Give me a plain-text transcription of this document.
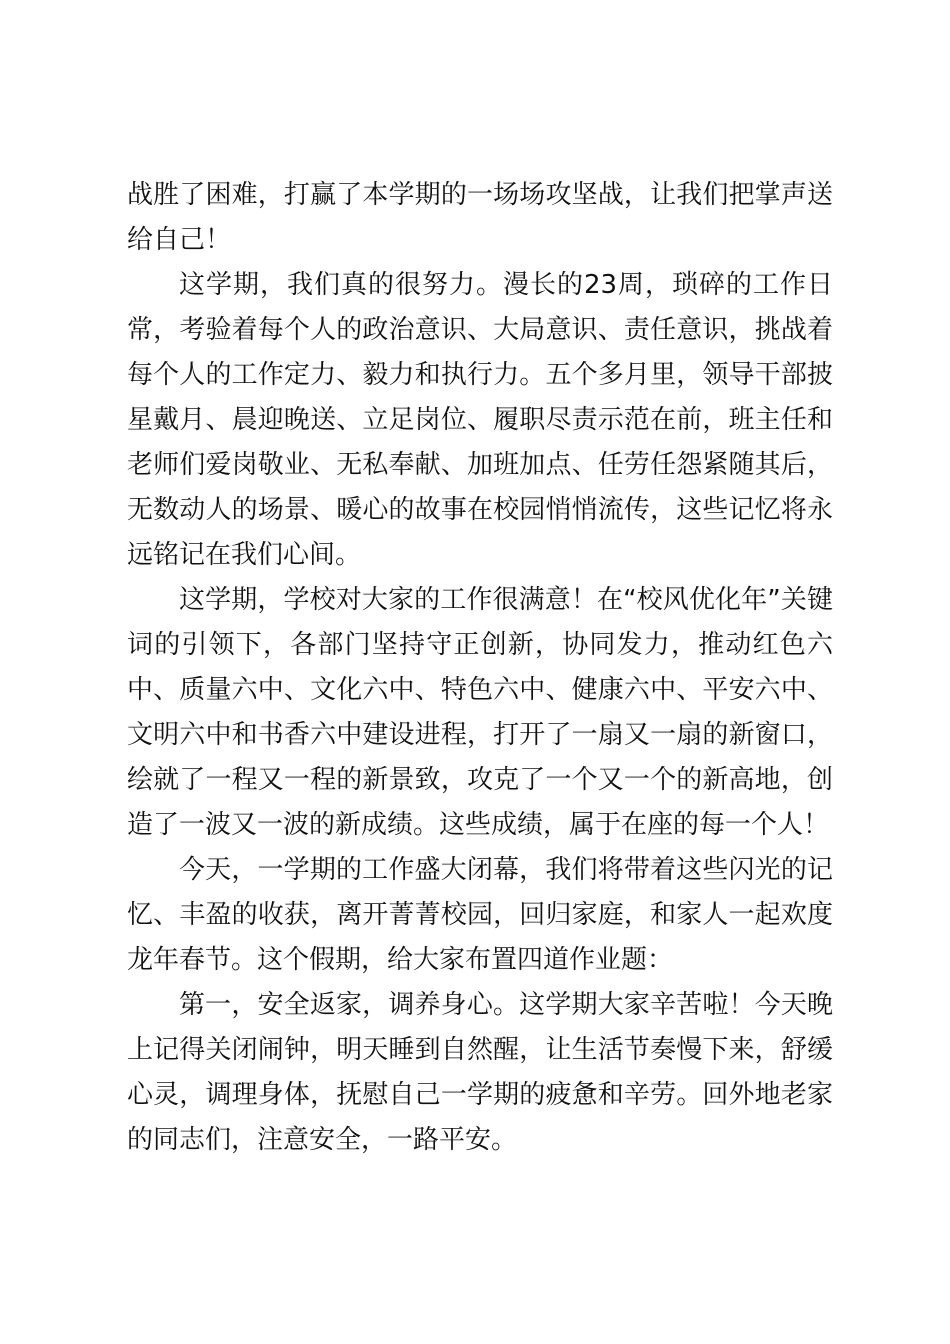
战胜了困难，打赢了本学期的一场场攻坚战，让我们把掌声送给自己！

这学期，我们真的很努力。漫长的23周，琐碎的工作日常，考验着每个人的政治意识、大局意识、责任意识，挑战着每个人的工作定力、毅力和执行力。五个多月里，领导干部披星戴月、晨迎晚送、立足岗位、履职尽责示范在前，班主任和老师们爱岗敬业、无私奉献、加班加点、任劳任怨紧随其后，无数动人的场景、暖心的故事在校园悄悄流传，这些记忆将永远铭记在我们心间。

这学期，学校对大家的工作很满意！在“校风优化年”关键词的引领下，各部门坚持守正创新，协同发力，推动红色六中、质量六中、文化六中、特色六中、健康六中、平安六中、文明六中和书香六中建设进程，打开了一扇又一扇的新窗口，绘就了一程又一程的新景致，攻克了一个又一个的新高地，创造了一波又一波的新成绩。这些成绩，属于在座的每一个人！

今天，一学期的工作盛大闭幕，我们将带着这些闪光的记忆、丰盈的收获，离开菁菁校园，回归家庭，和家人一起欢度龙年春节。这个假期，给大家布置四道作业题：

第一，安全返家，调养身心。这学期大家辛苦啦！今天晚上记得关闭闹钟，明天睡到自然醒，让生活节奏慢下来，舒缓心灵，调理身体，抚慰自己一学期的疲惫和辛劳。回外地老家的同志们，注意安全，一路平安。
